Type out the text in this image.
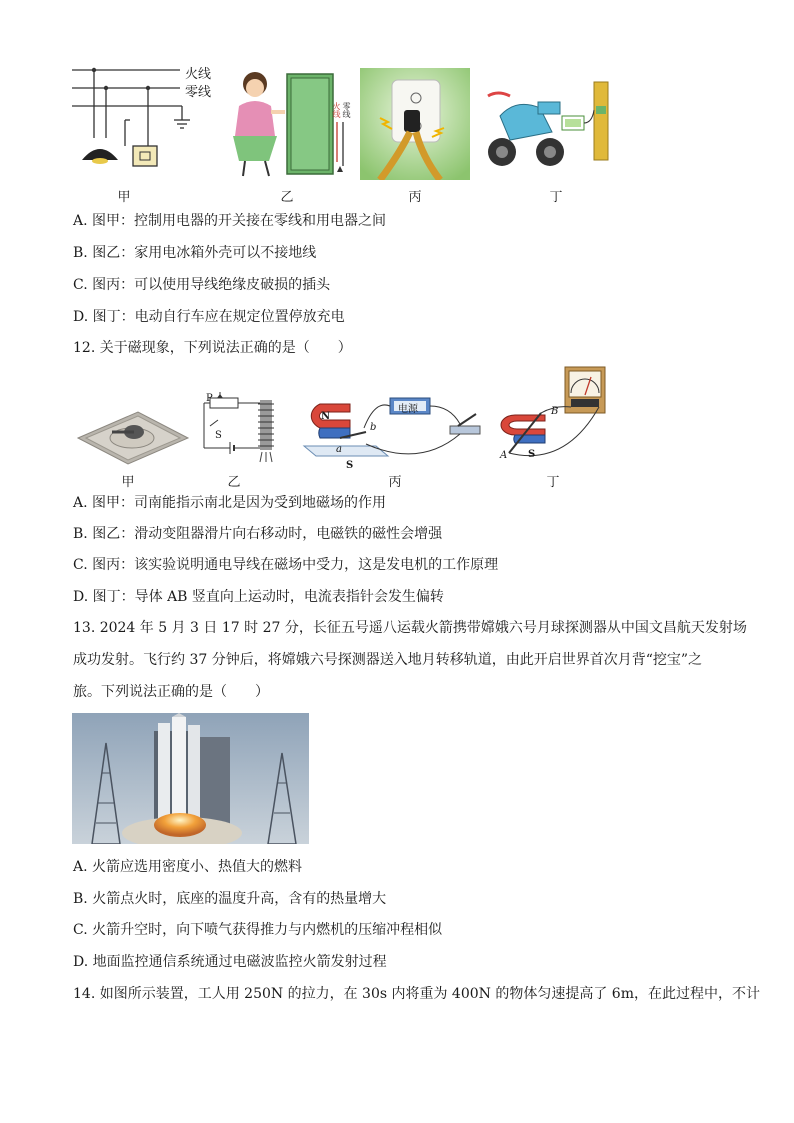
火线
零线
火线 零线
甲	乙	丙	丁
A. 图甲：控制用电器的开关接在零线和用电器之间
B. 图乙：家用电冰箱外壳可以不接地线
C. 图丙：可以使用导线绝缘皮破损的插头
D. 图丁：电动自行车应在规定位置停放充电
12. 关于磁现象，下列说法正确的是（　　）
P
S
电源
N
S
a
b
A
B
S
甲	乙	丙	丁
A. 图甲：司南能指示南北是因为受到地磁场的作用
B. 图乙：滑动变阻器滑片向右移动时，电磁铁的磁性会增强
C. 图丙：该实验说明通电导线在磁场中受力，这是发电机的工作原理
D. 图丁：导体 AB 竖直向上运动时，电流表指针会发生偏转
13. 2024 年 5 月 3 日 17 时 27 分，长征五号遥八运载火箭携带嫦娥六号月球探测器从中国文昌航天发射场
成功发射。飞行约 37 分钟后，将嫦娥六号探测器送入地月转移轨道，由此开启世界首次月背“挖宝”之
旅。下列说法正确的是（　　）
A. 火箭应选用密度小、热值大的燃料
B. 火箭点火时，底座的温度升高，含有的热量增大
C. 火箭升空时，向下喷气获得推力与内燃机的压缩冲程相似
D. 地面监控通信系统通过电磁波监控火箭发射过程
14. 如图所示装置，工人用 250N 的拉力，在 30s 内将重为 400N 的物体匀速提高了 6m，在此过程中，不计
